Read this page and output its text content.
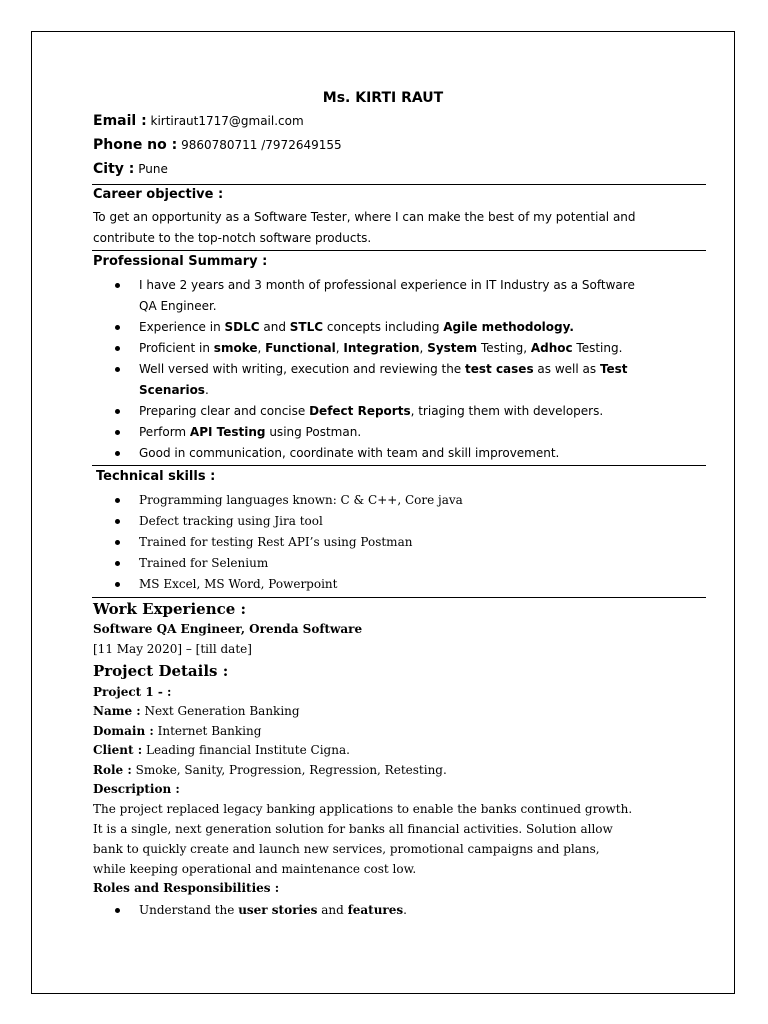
Ms. KIRTI RAUT
Email : kirtiraut1717@gmail.com
Phone no : 9860780711 /7972649155
City : Pune
Career objective :
To get an opportunity as a Software Tester, where I can make the best of my potential and
contribute to the top-notch software products.
Professional Summary :
I have 2 years and 3 month of professional experience in IT Industry as a Software
QA Engineer.
Experience in SDLC and STLC concepts including Agile methodology.
Proficient in smoke, Functional, Integration, System Testing, Adhoc Testing.
Well versed with writing, execution and reviewing the test cases as well as Test
Scenarios.
Preparing clear and concise Defect Reports, triaging them with developers.
Perform API Testing using Postman.
Good in communication, coordinate with team and skill improvement.
Technical skills :
Programming languages known: C & C++, Core java
Defect tracking using Jira tool
Trained for testing Rest API’s using Postman
Trained for Selenium
MS Excel, MS Word, Powerpoint
Work Experience :
Software QA Engineer, Orenda Software
[11 May 2020] – [till date]
Project Details :
Project 1 - :
Name : Next Generation Banking
Domain : Internet Banking
Client : Leading financial Institute Cigna.
Role : Smoke, Sanity, Progression, Regression, Retesting.
Description :
The project replaced legacy banking applications to enable the banks continued growth.
It is a single, next generation solution for banks all financial activities. Solution allow
bank to quickly create and launch new services, promotional campaigns and plans,
while keeping operational and maintenance cost low.
Roles and Responsibilities :
Understand the user stories and features.
